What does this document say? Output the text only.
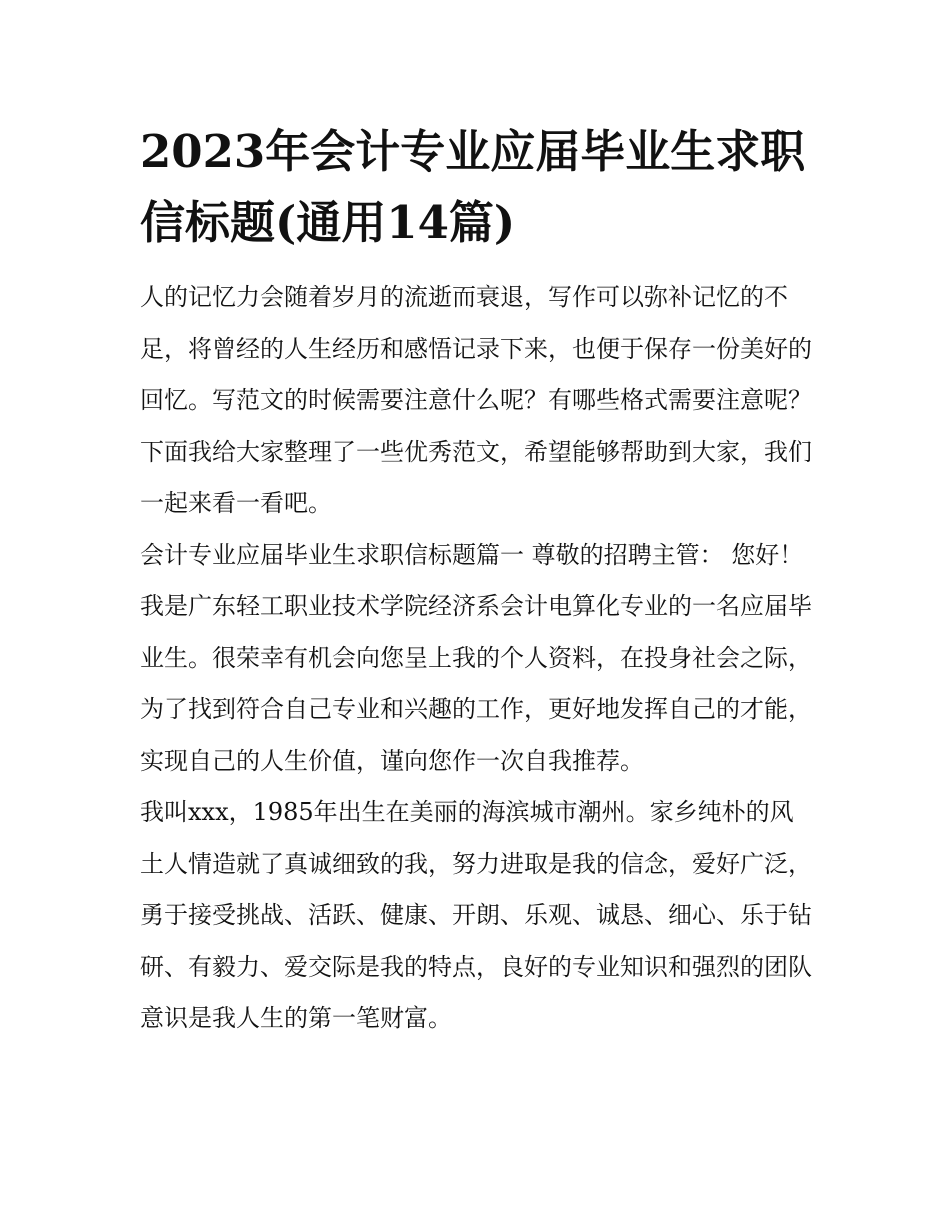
2023年会计专业应届毕业生求职信标题(通用14篇)

人的记忆力会随着岁月的流逝而衰退，写作可以弥补记忆的不足，将曾经的人生经历和感悟记录下来，也便于保存一份美好的回忆。写范文的时候需要注意什么呢？有哪些格式需要注意呢？下面我给大家整理了一些优秀范文，希望能够帮助到大家，我们一起来看一看吧。

会计专业应届毕业生求职信标题篇一 尊敬的招聘主管： 您好！

我是广东轻工职业技术学院经济系会计电算化专业的一名应届毕业生。很荣幸有机会向您呈上我的个人资料，在投身社会之际，为了找到符合自己专业和兴趣的工作，更好地发挥自己的才能，实现自己的人生价值，谨向您作一次自我推荐。

我叫xxx，1985年出生在美丽的海滨城市潮州。家乡纯朴的风土人情造就了真诚细致的我，努力进取是我的信念，爱好广泛，勇于接受挑战、活跃、健康、开朗、乐观、诚恳、细心、乐于钻研、有毅力、爱交际是我的特点，良好的专业知识和强烈的团队意识是我人生的第一笔财富。
